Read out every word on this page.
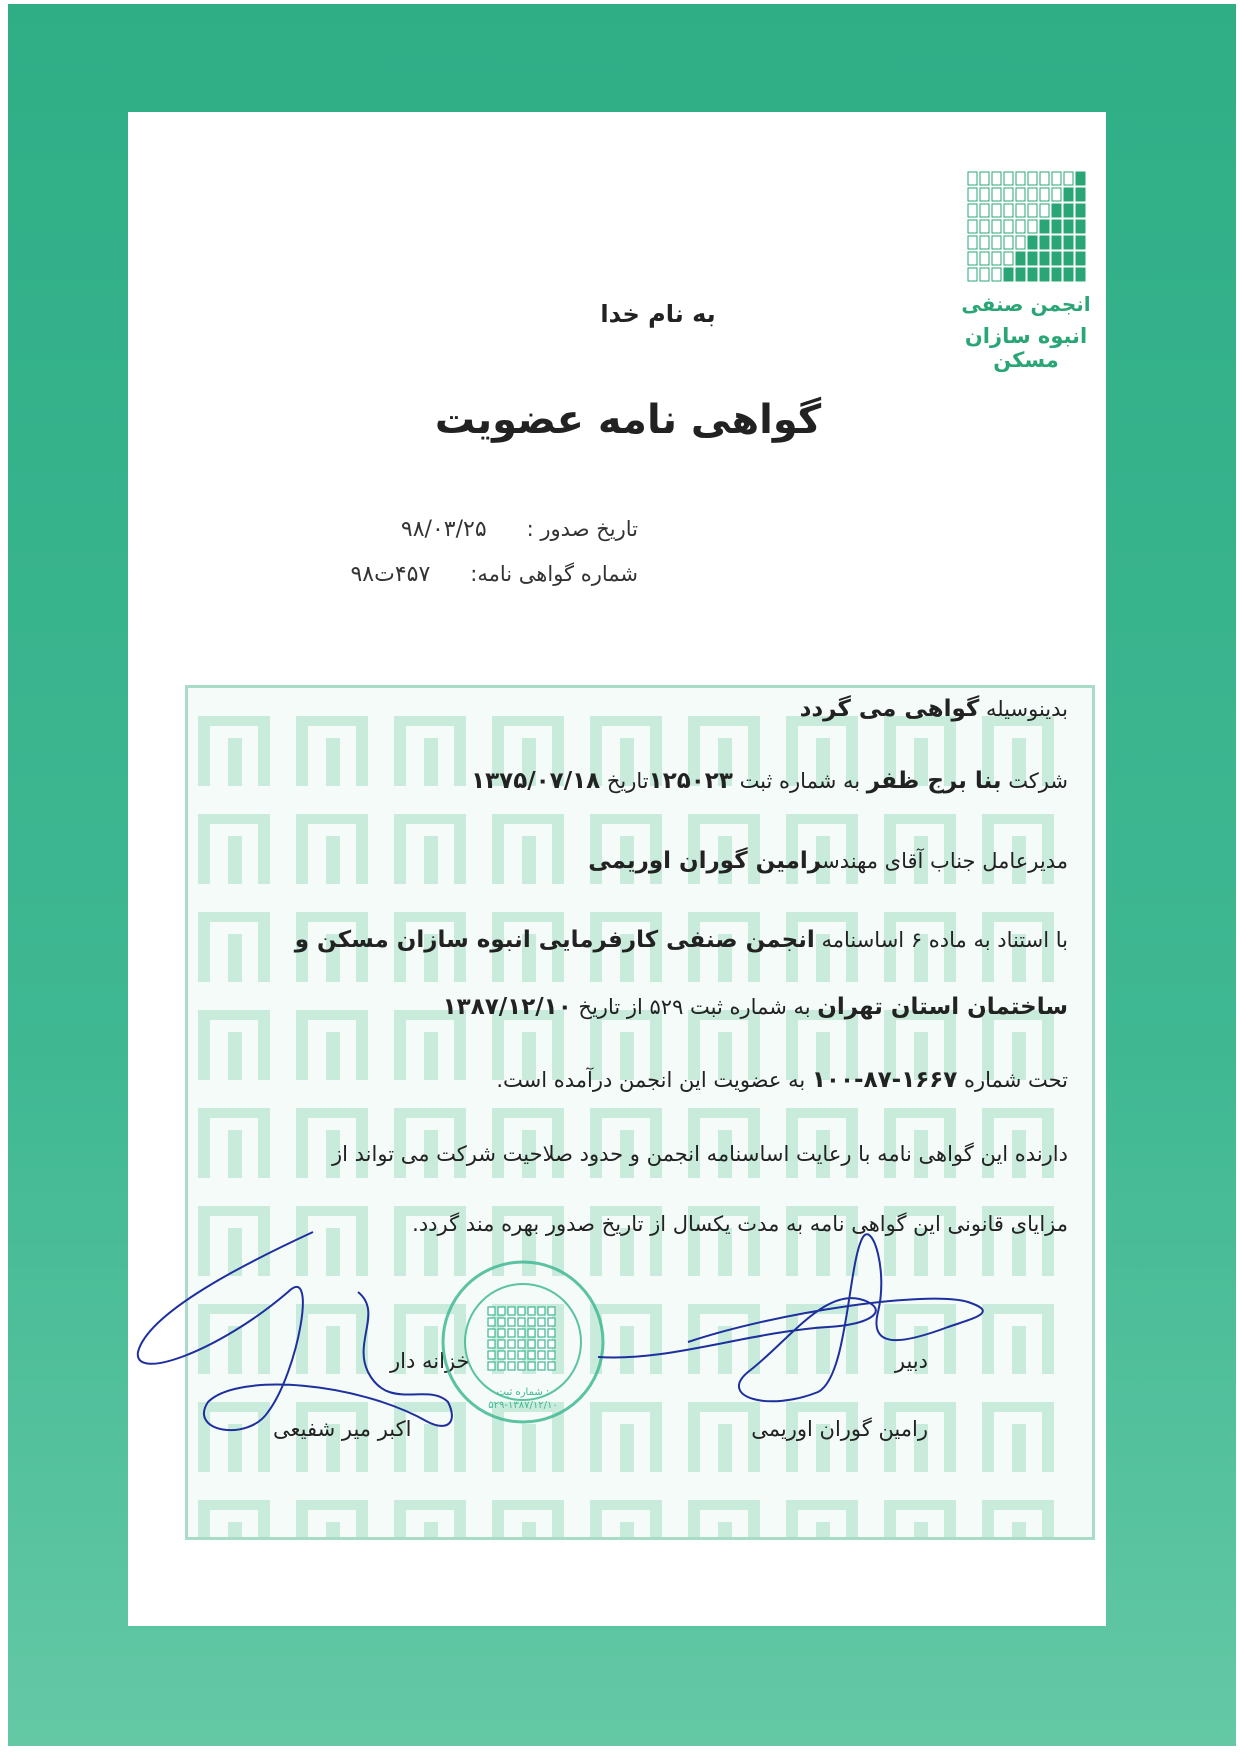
انجمن صنفی
انبوه سازان مسکن
به نام خدا
گواهی نامه عضویت
تاریخ صدور :
۹۸/۰۳/۲۵
شماره گواهی نامه:
۴۵۷ت۹۸
بدینوسیله گواهی می گردد
شرکت بنا برج ظفر به شماره ثبت ۱۲۵۰۲۳تاریخ ۱۳۷۵/۰۷/۱۸
مدیرعامل جناب آقای مهندسرامین گوران اوریمی
با استناد به ماده ۶ اساسنامه انجمن صنفی کارفرمایی انبوه سازان مسکن و
ساختمان استان تهران به شماره ثبت ۵۲۹ از تاریخ ۱۳۸۷/۱۲/۱۰
تحت شماره ۱۶۶۷-۸۷-۱۰۰ به عضویت این انجمن درآمده است.
دارنده این گواهی نامه با رعایت اساسنامه انجمن و حدود صلاحیت شرکت می تواند از
مزایای قانونی این گواهی نامه به مدت یکسال از تاریخ صدور بهره مند گردد.
خزانه دار
اکبر میر شفیعی
دبیر
رامین گوران اوریمی
شماره ثبت :
۵۲۹-۱۳۸۷/۱۲/۱۰
